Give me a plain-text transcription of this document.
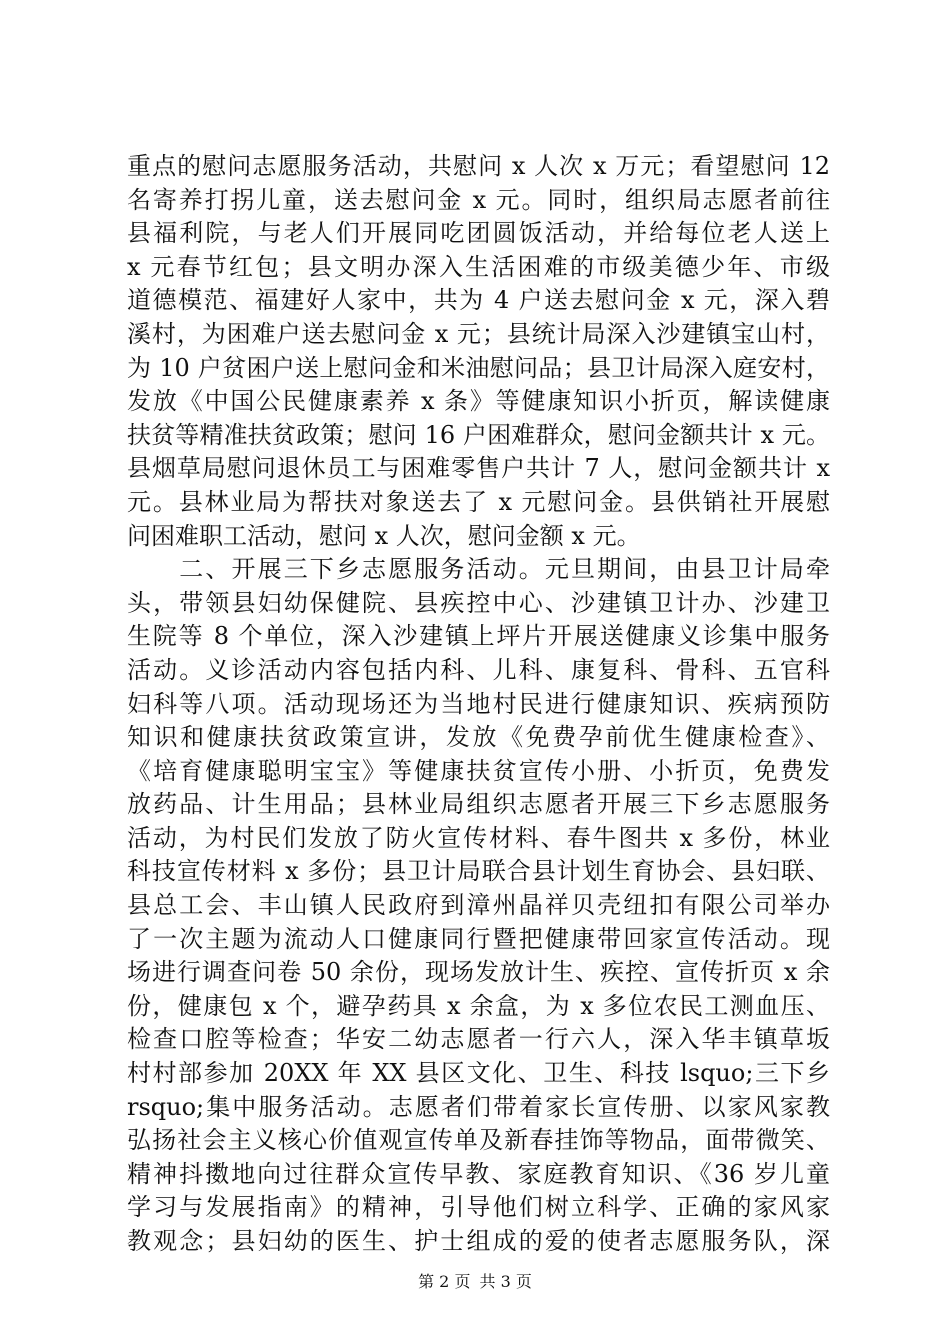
重点的慰问志愿服务活动，共慰问 x 人次 x 万元；看望慰问 12
名寄养打拐儿童，送去慰问金 x 元。同时，组织局志愿者前往
县福利院，与老人们开展同吃团圆饭活动，并给每位老人送上
x 元春节红包；县文明办深入生活困难的市级美德少年、市级
道德模范、福建好人家中，共为 4 户送去慰问金 x 元，深入碧
溪村，为困难户送去慰问金 x 元；县统计局深入沙建镇宝山村，
为 10 户贫困户送上慰问金和米油慰问品；县卫计局深入庭安村，
发放《中国公民健康素养 x 条》等健康知识小折页，解读健康
扶贫等精准扶贫政策；慰问 16 户困难群众，慰问金额共计 x 元。
县烟草局慰问退休员工与困难零售户共计 7 人，慰问金额共计 x
元。县林业局为帮扶对象送去了 x 元慰问金。县供销社开展慰
问困难职工活动，慰问 x 人次，慰问金额 x 元。
　　二、开展三下乡志愿服务活动。元旦期间，由县卫计局牵
头，带领县妇幼保健院、县疾控中心、沙建镇卫计办、沙建卫
生院等 8 个单位，深入沙建镇上坪片开展送健康义诊集中服务
活动。义诊活动内容包括内科、儿科、康复科、骨科、五官科
妇科等八项。活动现场还为当地村民进行健康知识、疾病预防
知识和健康扶贫政策宣讲，发放《免费孕前优生健康检查》、
《培育健康聪明宝宝》等健康扶贫宣传小册、小折页，免费发
放药品、计生用品；县林业局组织志愿者开展三下乡志愿服务
活动，为村民们发放了防火宣传材料、春牛图共 x 多份，林业
科技宣传材料 x 多份；县卫计局联合县计划生育协会、县妇联、
县总工会、丰山镇人民政府到漳州晶祥贝壳纽扣有限公司举办
了一次主题为流动人口健康同行暨把健康带回家宣传活动。现
场进行调查问卷 50 余份，现场发放计生、疾控、宣传折页 x 余
份，健康包 x 个，避孕药具 x 余盒，为 x 多位农民工测血压、
检查口腔等检查；华安二幼志愿者一行六人，深入华丰镇草坂
村村部参加 20XX 年 XX 县区文化、卫生、科技 lsquo;三下乡
rsquo;集中服务活动。志愿者们带着家长宣传册、以家风家教
弘扬社会主义核心价值观宣传单及新春挂饰等物品，面带微笑、
精神抖擞地向过往群众宣传早教、家庭教育知识、《36 岁儿童
学习与发展指南》的精神，引导他们树立科学、正确的家风家
教观念；县妇幼的医生、护士组成的爱的使者志愿服务队，深
第 2 页 共 3 页
